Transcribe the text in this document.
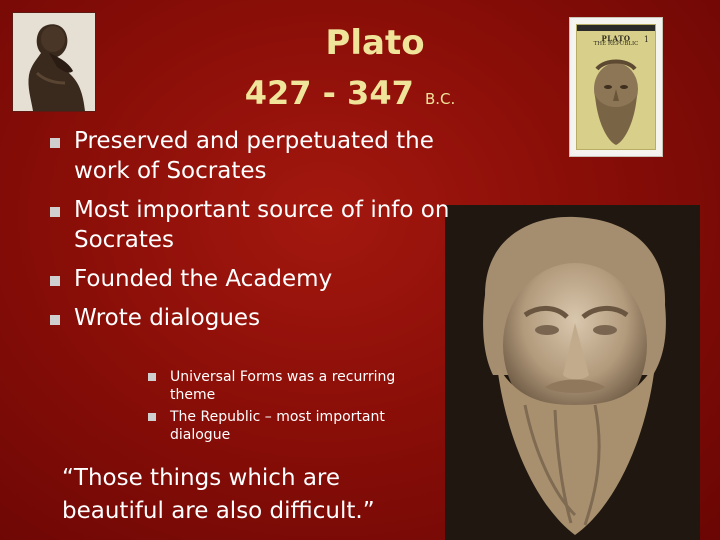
Plato
427 - 347 B.C.
PLATO
THE REPUBLIC
1
Preserved and perpetuated the work of Socrates
Most important source of info on Socrates
Founded the Academy
Wrote dialogues
Universal Forms was a recurring theme
The Republic – most important dialogue
“Those things which are beautiful are also difficult.”
